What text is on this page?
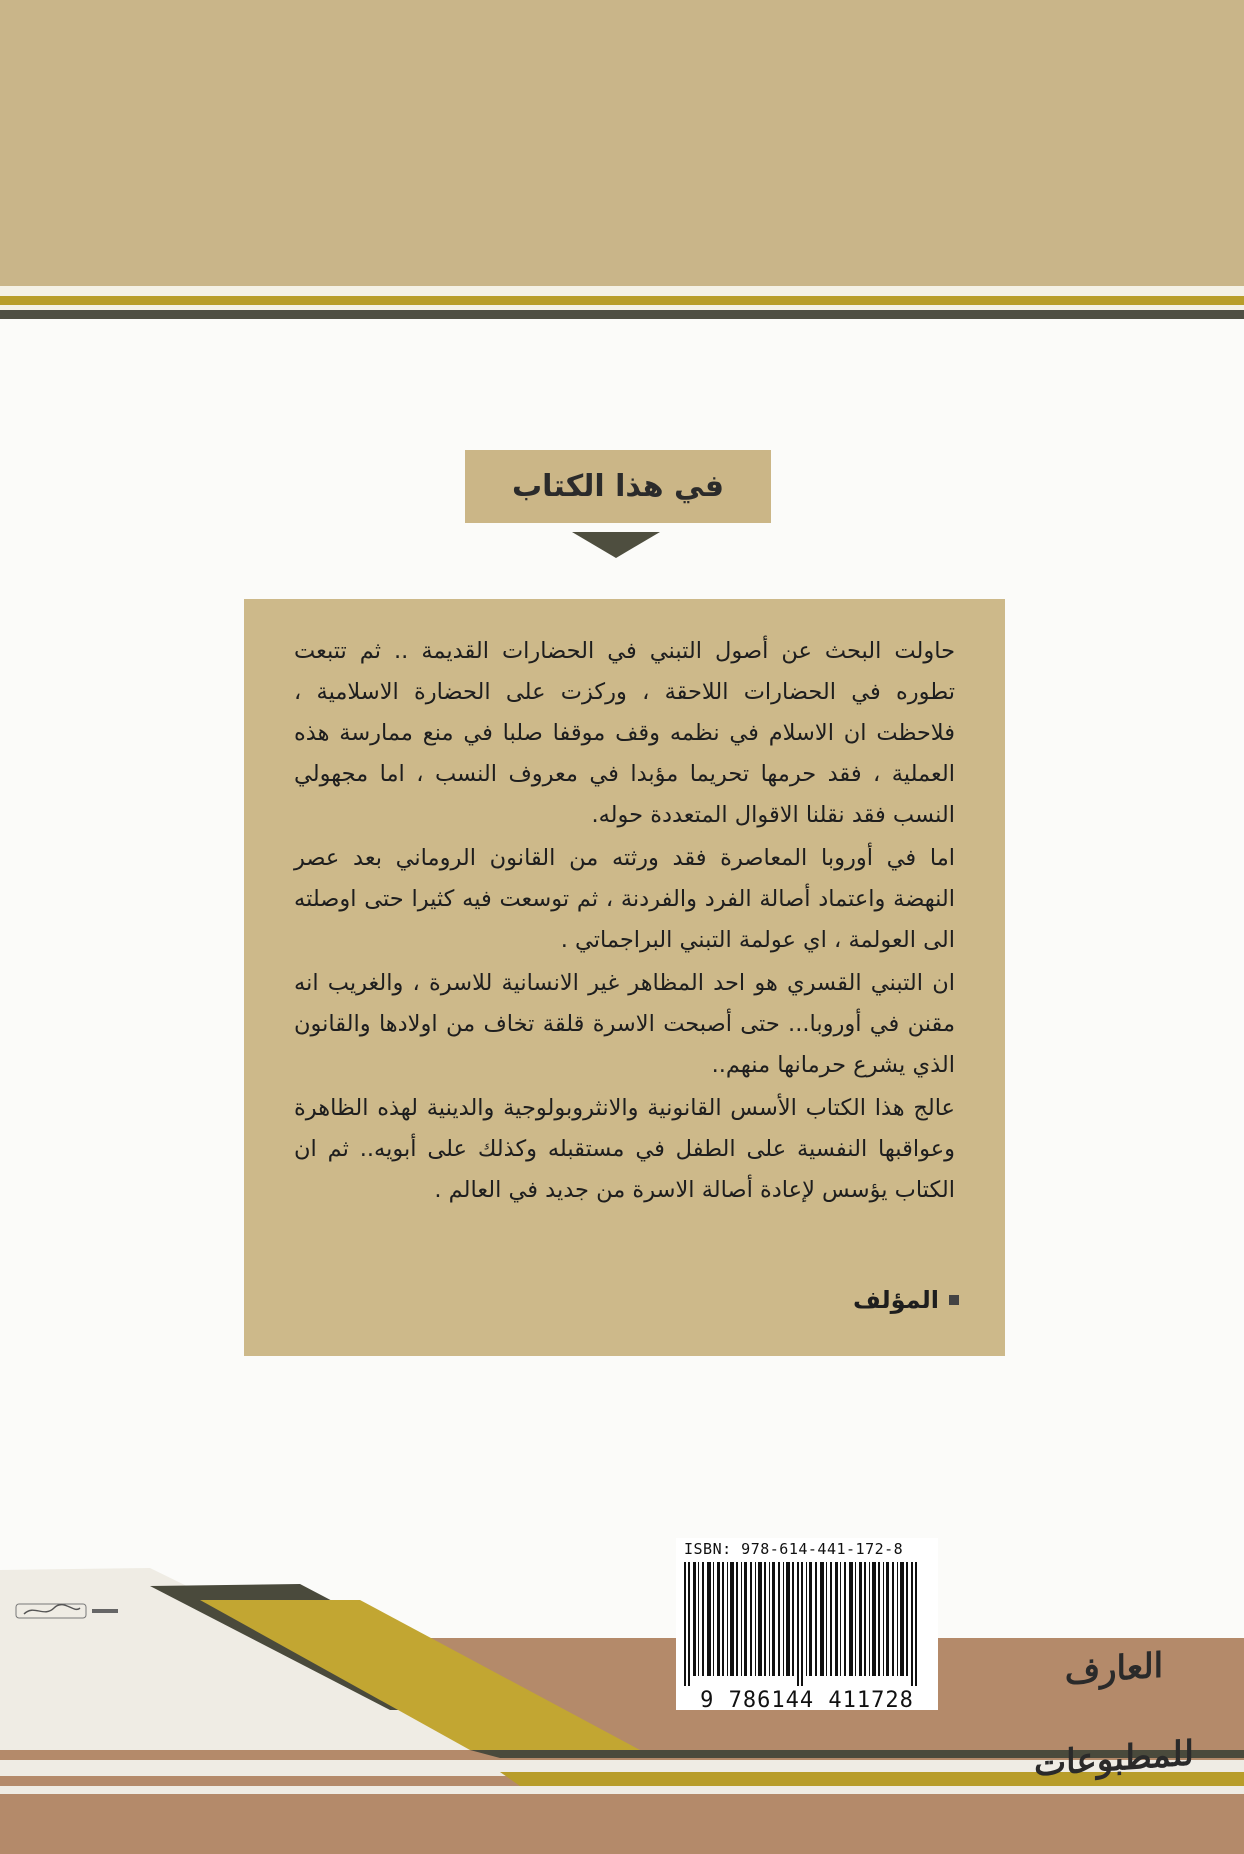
في هذا الكتاب

حاولت البحث عن أصول التبني في الحضارات القديمة .. ثم تتبعت تطوره في الحضارات اللاحقة ، وركزت على الحضارة الاسلامية ، فلاحظت ان الاسلام في نظمه وقف موقفا صلبا في منع ممارسة هذه العملية ، فقد حرمها تحريما مؤبدا في معروف النسب ، اما مجهولي النسب فقد نقلنا الاقوال المتعددة حوله.

اما في أوروبا المعاصرة فقد ورثته من القانون الروماني بعد عصر النهضة واعتماد أصالة الفرد والفردنة ، ثم توسعت فيه كثيرا حتى اوصلته الى العولمة ، اي عولمة التبني البراجماتي .

ان التبني القسري هو احد المظاهر غير الانسانية للاسرة ، والغريب انه مقنن في أوروبا... حتى أصبحت الاسرة قلقة تخاف من اولادها والقانون الذي يشرع حرمانها منهم..

عالج هذا الكتاب الأسس القانونية والانثروبولوجية والدينية لهذه الظاهرة وعواقبها النفسية على الطفل في مستقبله وكذلك على أبويه.. ثم ان الكتاب يؤسس لإعادة أصالة الاسرة من جديد في العالم .

المؤلف
ISBN: 978-614-441-172-8
9 786144 411728
العارف للمطبوعات
